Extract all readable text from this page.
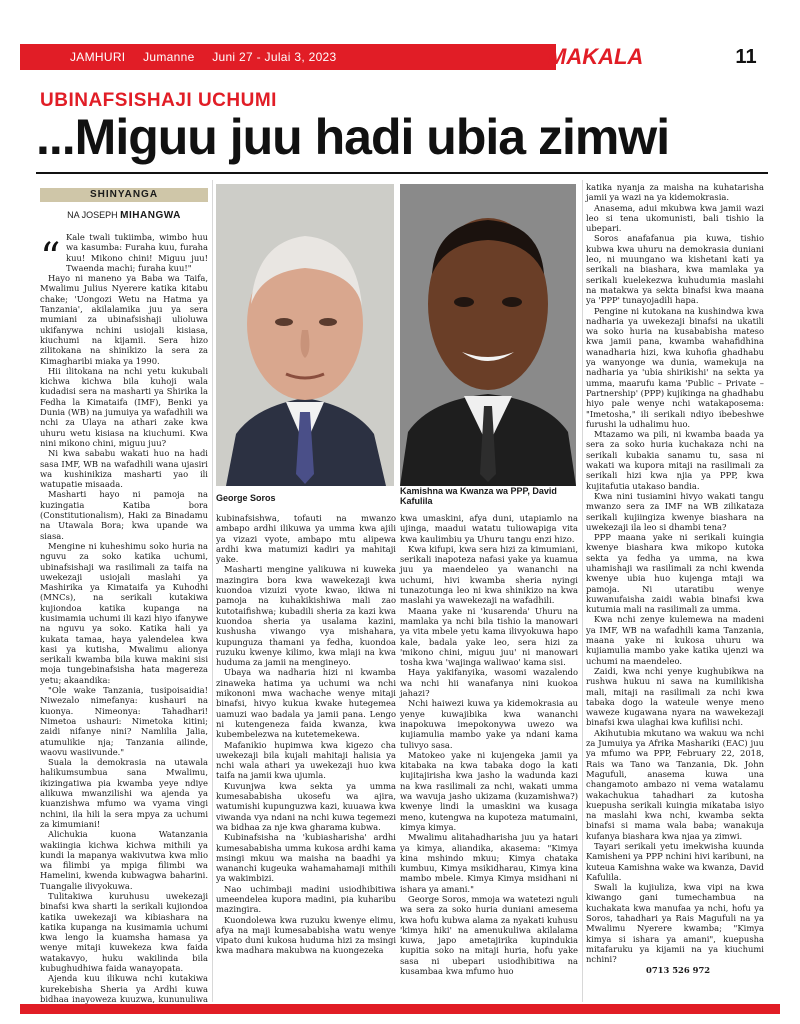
JAMHURI Jumanne Juni 27 - Julai 3, 2023	MAKALA	11
UBINAFSISHAJI UCHUMI
...Miguu juu hadi ubia zimwi
SHINYANGA
NA JOSEPH MIHANGWA

Kale twali tukiimba, wimbo huu wa kasumba: Furaha kuu, furaha kuu! Mikono chini! Miguu juu! Twaenda machi; furaha kuu!"

Hayo ni maneno ya Baba wa Taifa, Mwalimu Julius Nyerere katika kitabu chake; 'Uongozi Wetu na Hatma ya Tanzania', akilalamika juu ya sera mumiani za ubinafsishaji ulioluwa ukifanywa nchini usiojali kisiasa, kiuchumi na kijamii. Sera hizo zilitokana na shinikizo la sera za Kimagharibi miaka ya 1990.

Hii ilitokana na nchi yetu kukubali kichwa kichwa bila kuhoji wala kudadisi sera na masharti ya Shirika la Fedha la Kimataifa (IMF), Benki ya Dunia (WB) na jumuiya ya wafadhili wa nchi za Ulaya na athari zake kwa uhuru wetu kisiasa na kiuchumi. Kwa nini mikono chini, miguu juu?

Ni kwa sababu wakati huo na hadi sasa IMF, WB na wafadhili wana ujasiri wa kushinikiza masharti yao ili watupatie misaada.

Masharti hayo ni pamoja na kuzingatia Katiba bora (Constitutionalism), Haki za Binadamu na Utawala Bora; kwa upande wa siasa.

Mengine ni kuheshimu soko huria na nguvu za soko katika uchumi, ubinafsishaji wa rasilimali za taifa na uwekezaji usiojali maslahi ya Mashirika ya Kimataifa ya Kuhodhi (MNCs), na serikali kutakiwa kujiondoa katika kupanga na kusimamia uchumi ili kazi hiyo ifanywe na nguvu ya soko. Katika hali ya kukata tamaa, haya yalendelea kwa kasi ya kutisha, Mwalimu alionya serikali kwamba bila kuwa makini sisi moja tungebinafsisha hata magereza yetu; akaandika:

"Ole wake Tanzania, tusipoisaidia! Niwezalo nimefanya: kushauri na kuonya. Nimeonya: Tahadhari! Nimetoa ushauri: Nimetoka kitini; zaidi nifanye nini? Namlilia Jalia, atumulikie nja; Tanzania ailinde, waovu wasiivunde."

Suala la demokrasia na utawala halikumsumbua sana Mwalimu, ikizingatiwa pia kwamba yeye ndiye alikuwa mwanzilishi wa ajenda ya kuanzishwa mfumo wa vyama vingi nchini, ila hili la sera mpya za uchumi za kimumiani!

Alichukia kuona Watanzania wakiingia kichwa kichwa mithili ya kundi la mapanya wakivutwa kwa mlio wa filimbi ya mpiga filimbi wa Hamelini, kwenda kubwagwa baharini. Tuangalie ilivyokuwa.

Tulitakiwa kuruhusu uwekezaji binafsi kwa sharti la serikali kujiondoa katika uwekezaji wa kibiashara na katika kupanga na kusimamia uchumi kwa lengo la kuamsha hamasa ya wenye mitaji kuwekeza kwa faida watakavyo, huku wakilinda bila kubughudhiwa faida wanayopata.

Ajenda kuu ilikuwa nchi kutakiwa kurekebisha Sheria ya Ardhi kuwa bidhaa inayoweza kuuzwa, kununuliwa

“
George Soros
Kamishna wa Kwanza wa PPP, David Kafulila

kubinafsishwa, tofauti na mwanzo ambapo ardhi ilikuwa ya umma kwa ajili ya vizazi vyote, ambapo mtu alipewa ardhi kwa matumizi kadiri ya mahitaji yake.

Masharti mengine yalikuwa ni kuweka mazingira bora kwa wawekezaji kwa kuondoa vizuizi vyote kwao, ikiwa ni pamoja na kuhakikishiwa mali zao kutotaifishwa; kubadili sheria za kazi kwa kuondoa sheria ya usalama kazini, kushusha viwango vya mishahara, kupunguza thamani ya fedha, kuondoa ruzuku kwenye kilimo, kwa mlaji na kwa huduma za jamii na mengineyo.

Ubaya wa nadharia hizi ni kwamba zinaweka hatima ya uchumi wa nchi mikononi mwa wachache wenye mitaji binafsi, hivyo kukua kwake hutegemea uamuzi wao badala ya jamii pana. Lengo ni kutengeneza faida kwanza, kwa kubembelezwa na kutetemekewa.

Mafanikio hupimwa kwa kigezo cha uwekezaji bila kujali mahitaji halisia ya nchi wala athari ya uwekezaji huo kwa taifa na jamii kwa ujumla.

Kuvunjwa kwa sekta ya umma kumesababisha ukosefu wa ajira, watumishi kupunguzwa kazi, kuuawa kwa viwanda vya ndani na nchi kuwa tegemezi wa bidhaa za nje kwa gharama kubwa.

Kubinafsisha na 'kubiasharisha' ardhi kumesababisha umma kukosa ardhi kama msingi mkuu wa maisha na baadhi ya wananchi kugeuka wahamahamaji mithili ya wakimbizi.

Nao uchimbaji madini usiodhibitiwa umeendelea kupora madini, pia kuharibu mazingira.

Kuondolewa kwa ruzuku kwenye elimu, afya na maji kumesababisha watu wenye vipato duni kukosa huduma hizi za msingi kwa madhara makubwa na kuongezeka

kwa umaskini, afya duni, utapiamlo na ujinga, maadui watatu tuliowapiga vita kwa kaulimbiu ya Uhuru tangu enzi hizo.

Kwa kifupi, kwa sera hizi za kimumiani, serikali inapoteza nafasi yake ya kuamua juu ya maendeleo ya wananchi na uchumi, hivi kwamba sheria nyingi tunazotunga leo ni kwa shinikizo na kwa maslahi ya wawekezaji na wafadhili.

Maana yake ni 'kusarenda' Uhuru na mamlaka ya nchi bila tishio la manowari ya vita mbele yetu kama ilivyokuwa hapo kale, badala yake leo, sera hizi za 'mikono chini, miguu juu' ni manowari tosha kwa 'wajinga waliwao' kama sisi.

Haya yakifanyika, wasomi wazalendo wa nchi hii wanafanya nini kuokoa jahazi?

Nchi haiwezi kuwa ya kidemokrasia au yenye kuwajibika kwa wananchi inapokuwa imepokonywa uwezo wa kujiamulia mambo yake ya ndani kama tulivyo sasa.

Matokeo yake ni kujengeka jamii ya kitabaka na kwa tabaka dogo la kati kujitajirisha kwa jasho la wadunda kazi na kwa rasilimali za nchi, wakati umma wa wavuja jasho ukizama (kuzamishwa?) kwenye lindi la umaskini wa kusaga meno, kutengwa na kupoteza matumaini, kimya kimya.

Mwalimu alitahadharisha juu ya hatari ya kimya, aliandika, akasema: "Kimya kina mshindo mkuu; Kimya chataka kumbuu, Kimya msikidharau, Kimya kina mambo mbele. Kimya Kimya msidhani ni ishara ya amani."

George Soros, mmoja wa watetezi nguli wa sera za soko huria duniani amesema kwa hofu kubwa alama za nyakati kuhusu 'kimya hiki' na amenukuliwa akilalama kuwa, japo ametajirika kupindukia kupitia soko na mitaji huria, hofu yake sasa ni ubepari usiodhibitiwa na kusambaa kwa mfumo huo

katika nyanja za maisha na kuhatarisha jamii ya wazi na ya kidemokrasia.

Anasema, adui mkubwa kwa jamii wazi leo si tena ukomunisti, bali tishio la ubepari.

Soros anafafanua pia kuwa, tishio kubwa kwa uhuru na demokrasia duniani leo, ni muungano wa kishetani kati ya serikali na biashara, kwa mamlaka ya serikali kuelekezwa kuhudumia maslahi na matakwa ya sekta binafsi kwa maana ya 'PPP' tunayojadili hapa.

Pengine ni kutokana na kushindwa kwa nadharia ya uwekezaji binafsi na ukatili wa soko huria na kusababisha mateso kwa jamii pana, kwamba wahafidhina wanadharia hizi, kwa kuhofia ghadhabu ya wanyonge wa dunia, wamekuja na nadharia ya 'ubia shirikishi' na sekta ya umma, maarufu kama 'Public – Private – Partnership' (PPP) kujikinga na ghadhabu hiyo pale wenye nchi watakaposema: "Imetosha," ili serikali ndiyo ibebeshwe furushi la udhalimu huo.

Mtazamo wa pili, ni kwamba baada ya sera za soko huria kuchakaza nchi na serikali kubakia sanamu tu, sasa ni wakati wa kupora mitaji na rasilimali za serikali hizi kwa njia ya PPP, kwa kujitafutia utakaso bandia.

Kwa nini tusiamini hivyo wakati tangu mwanzo sera za IMF na WB zilikataza serikali kujiingiza kwenye biashara na uwekezaji ila leo si dhambi tena?

PPP maana yake ni serikali kuingia kwenye biashara kwa mikopo kutoka sekta ya fedha ya umma, na kwa uhamishaji wa rasilimali za nchi kwenda kwenye ubia huo kujenga mtaji wa pamoja. Ni utaratibu wenye kuwanufaisha zaidi wabia binafsi kwa kutumia mali na rasilimali za umma.

Kwa nchi zenye kulemewa na madeni ya IMF, WB na wafadhili kama Tanzania, maana yake ni kukosa uhuru wa kujiamulia mambo yake katika ujenzi wa uchumi na maendeleo.

Zaidi, kwa nchi yenye kughubikwa na rushwa hukuu ni sawa na kumilikisha mali, mitaji na rasilimali za nchi kwa tabaka dogo la wateule wenye meno waweze kugawana nyara na wawekezaji binafsi kwa ulaghai kwa kufilisi nchi.

Akihutubia mkutano wa wakuu wa nchi za Jumuiya ya Afrika Mashariki (EAC) juu ya mfumo wa PPP, February 22, 2018, Rais wa Tano wa Tanzania, Dk. John Magufuli, anasema kuwa una changamoto ambazo ni vema watalamu wakachukua tahadhari za kutosha kuepusha serikali kuingia mikataba isiyo na maslahi kwa nchi, kwamba sekta binafsi si mama wala baba; wanakuja kufanya biashara kwa njaa ya zimwi.

Tayari serikali yetu imekwisha kuunda Kamisheni ya PPP nchini hivi karibuni, na kuteua Kamishna wake wa kwanza, David Kafulila.

Swali la kujiuliza, kwa vipi na kwa kiwango gani tumechambua na kuchakata kwa manufaa ya nchi, hofu ya Soros, tahadhari ya Rais Magufuli na ya Mwalimu Nyerere kwamba; "Kimya kimya si ishara ya amani", kuepusha mitafaruku ya kijamii na ya kiuchumi nchini?

0713 526 972
